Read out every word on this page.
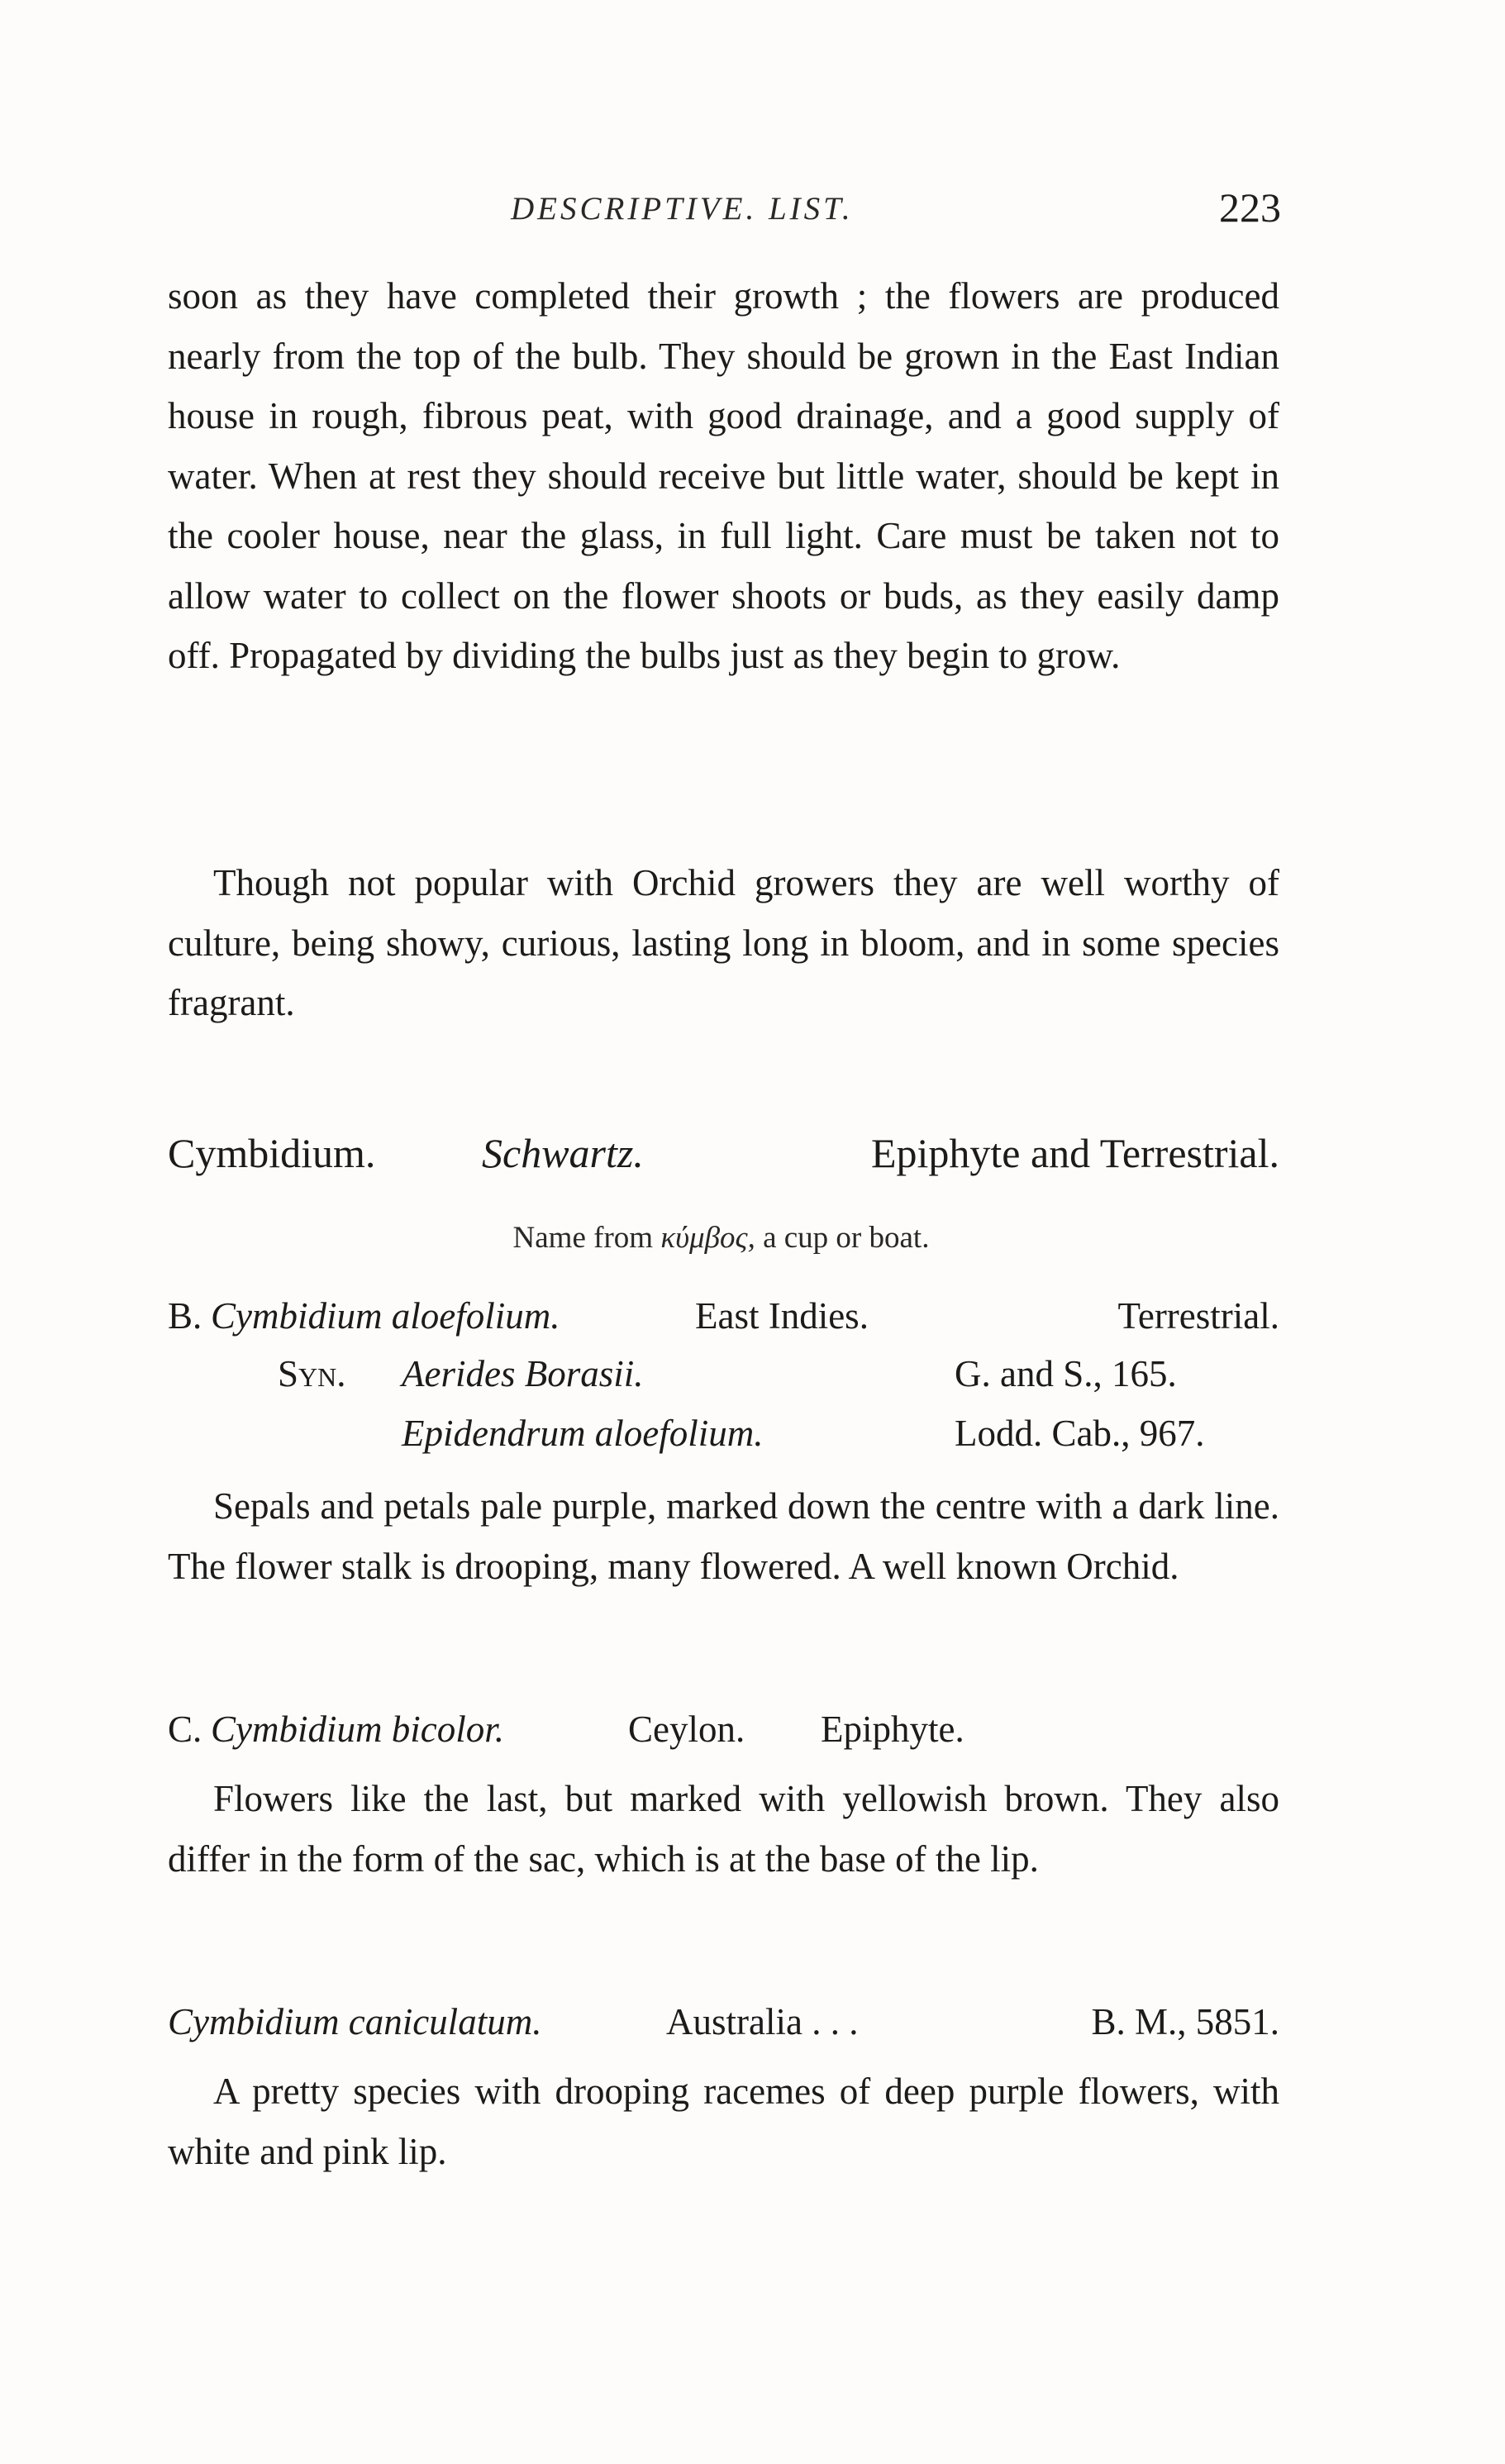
DESCRIPTIVE. LIST.	223

soon as they have completed their growth ; the flowers are produced nearly from the top of the bulb. They should be grown in the East Indian house in rough, fibrous peat, with good drainage, and a good supply of water. When at rest they should receive but little water, should be kept in the cooler house, near the glass, in full light. Care must be taken not to allow water to collect on the flower shoots or buds, as they easily damp off. Propagated by dividing the bulbs just as they begin to grow.

Though not popular with Orchid growers they are well worthy of culture, being showy, curious, lasting long in bloom, and in some species fragrant.

Cymbidium.	Schwartz.	Epiphyte and Terrestrial.
Name from κύμβος, a cup or boat.
B. Cymbidium aloefolium.	East Indies.	Terrestrial.
Syn. Aerides Borasii.	G. and S., 165.
Epidendrum aloefolium.	Lodd. Cab., 967.

Sepals and petals pale purple, marked down the centre with a dark line. The flower stalk is drooping, many flowered. A well known Orchid.

C. Cymbidium bicolor.	Ceylon. Epiphyte.

Flowers like the last, but marked with yellowish brown. They also differ in the form of the sac, which is at the base of the lip.

Cymbidium caniculatum.	Australia . . .	B. M., 5851.

A pretty species with drooping racemes of deep purple flowers, with white and pink lip.
